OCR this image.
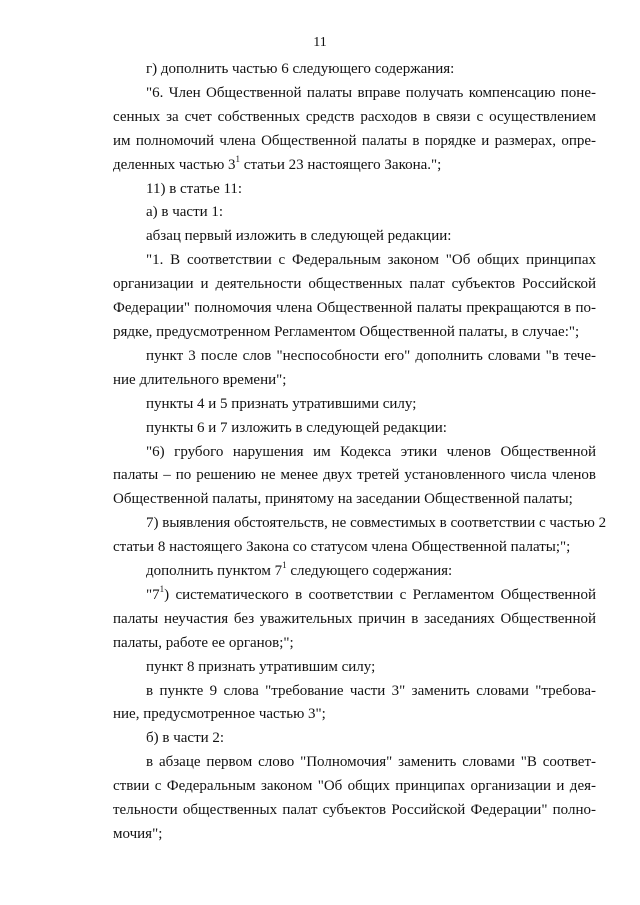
11
г) дополнить частью 6 следующего содержания:
"6. Член Общественной палаты вправе получать компенсацию поне-
сенных за счет собственных средств расходов в связи с осуществлением
им полномочий члена Общественной палаты в порядке и размерах, опре-
деленных частью $3^1$ статьи 23 настоящего Закона.";
11) в статье 11:
а) в части 1:
абзац первый изложить в следующей редакции:
"1. В соответствии с Федеральным законом "Об общих принципах
организации и деятельности общественных палат субъектов Российской
Федерации" полномочия члена Общественной палаты прекращаются в по-
рядке, предусмотренном Регламентом Общественной палаты, в случае:";
пункт 3 после слов "неспособности его" дополнить словами "в тече-
ние длительного времени";
пункты 4 и 5 признать утратившими силу;
пункты 6 и 7 изложить в следующей редакции:
"6) грубого нарушения им Кодекса этики членов Общественной
палаты – по решению не менее двух третей установленного числа членов
Общественной палаты, принятому на заседании Общественной палаты;
7) выявления обстоятельств, не совместимых в соответствии с частью 2
статьи 8 настоящего Закона со статусом члена Общественной палаты;";
дополнить пунктом $7^1$ следующего содержания:
"$7^1$) систематического в соответствии с Регламентом Общественной
палаты неучастия без уважительных причин в заседаниях Общественной
палаты, работе ее органов;";
пункт 8 признать утратившим силу;
в пункте 9 слова "требование части 3" заменить словами "требова-
ние, предусмотренное частью 3";
б) в части 2:
в абзаце первом слово "Полномочия" заменить словами "В соответ-
ствии с Федеральным законом "Об общих принципах организации и дея-
тельности общественных палат субъектов Российской Федерации" полно-
мочия";
